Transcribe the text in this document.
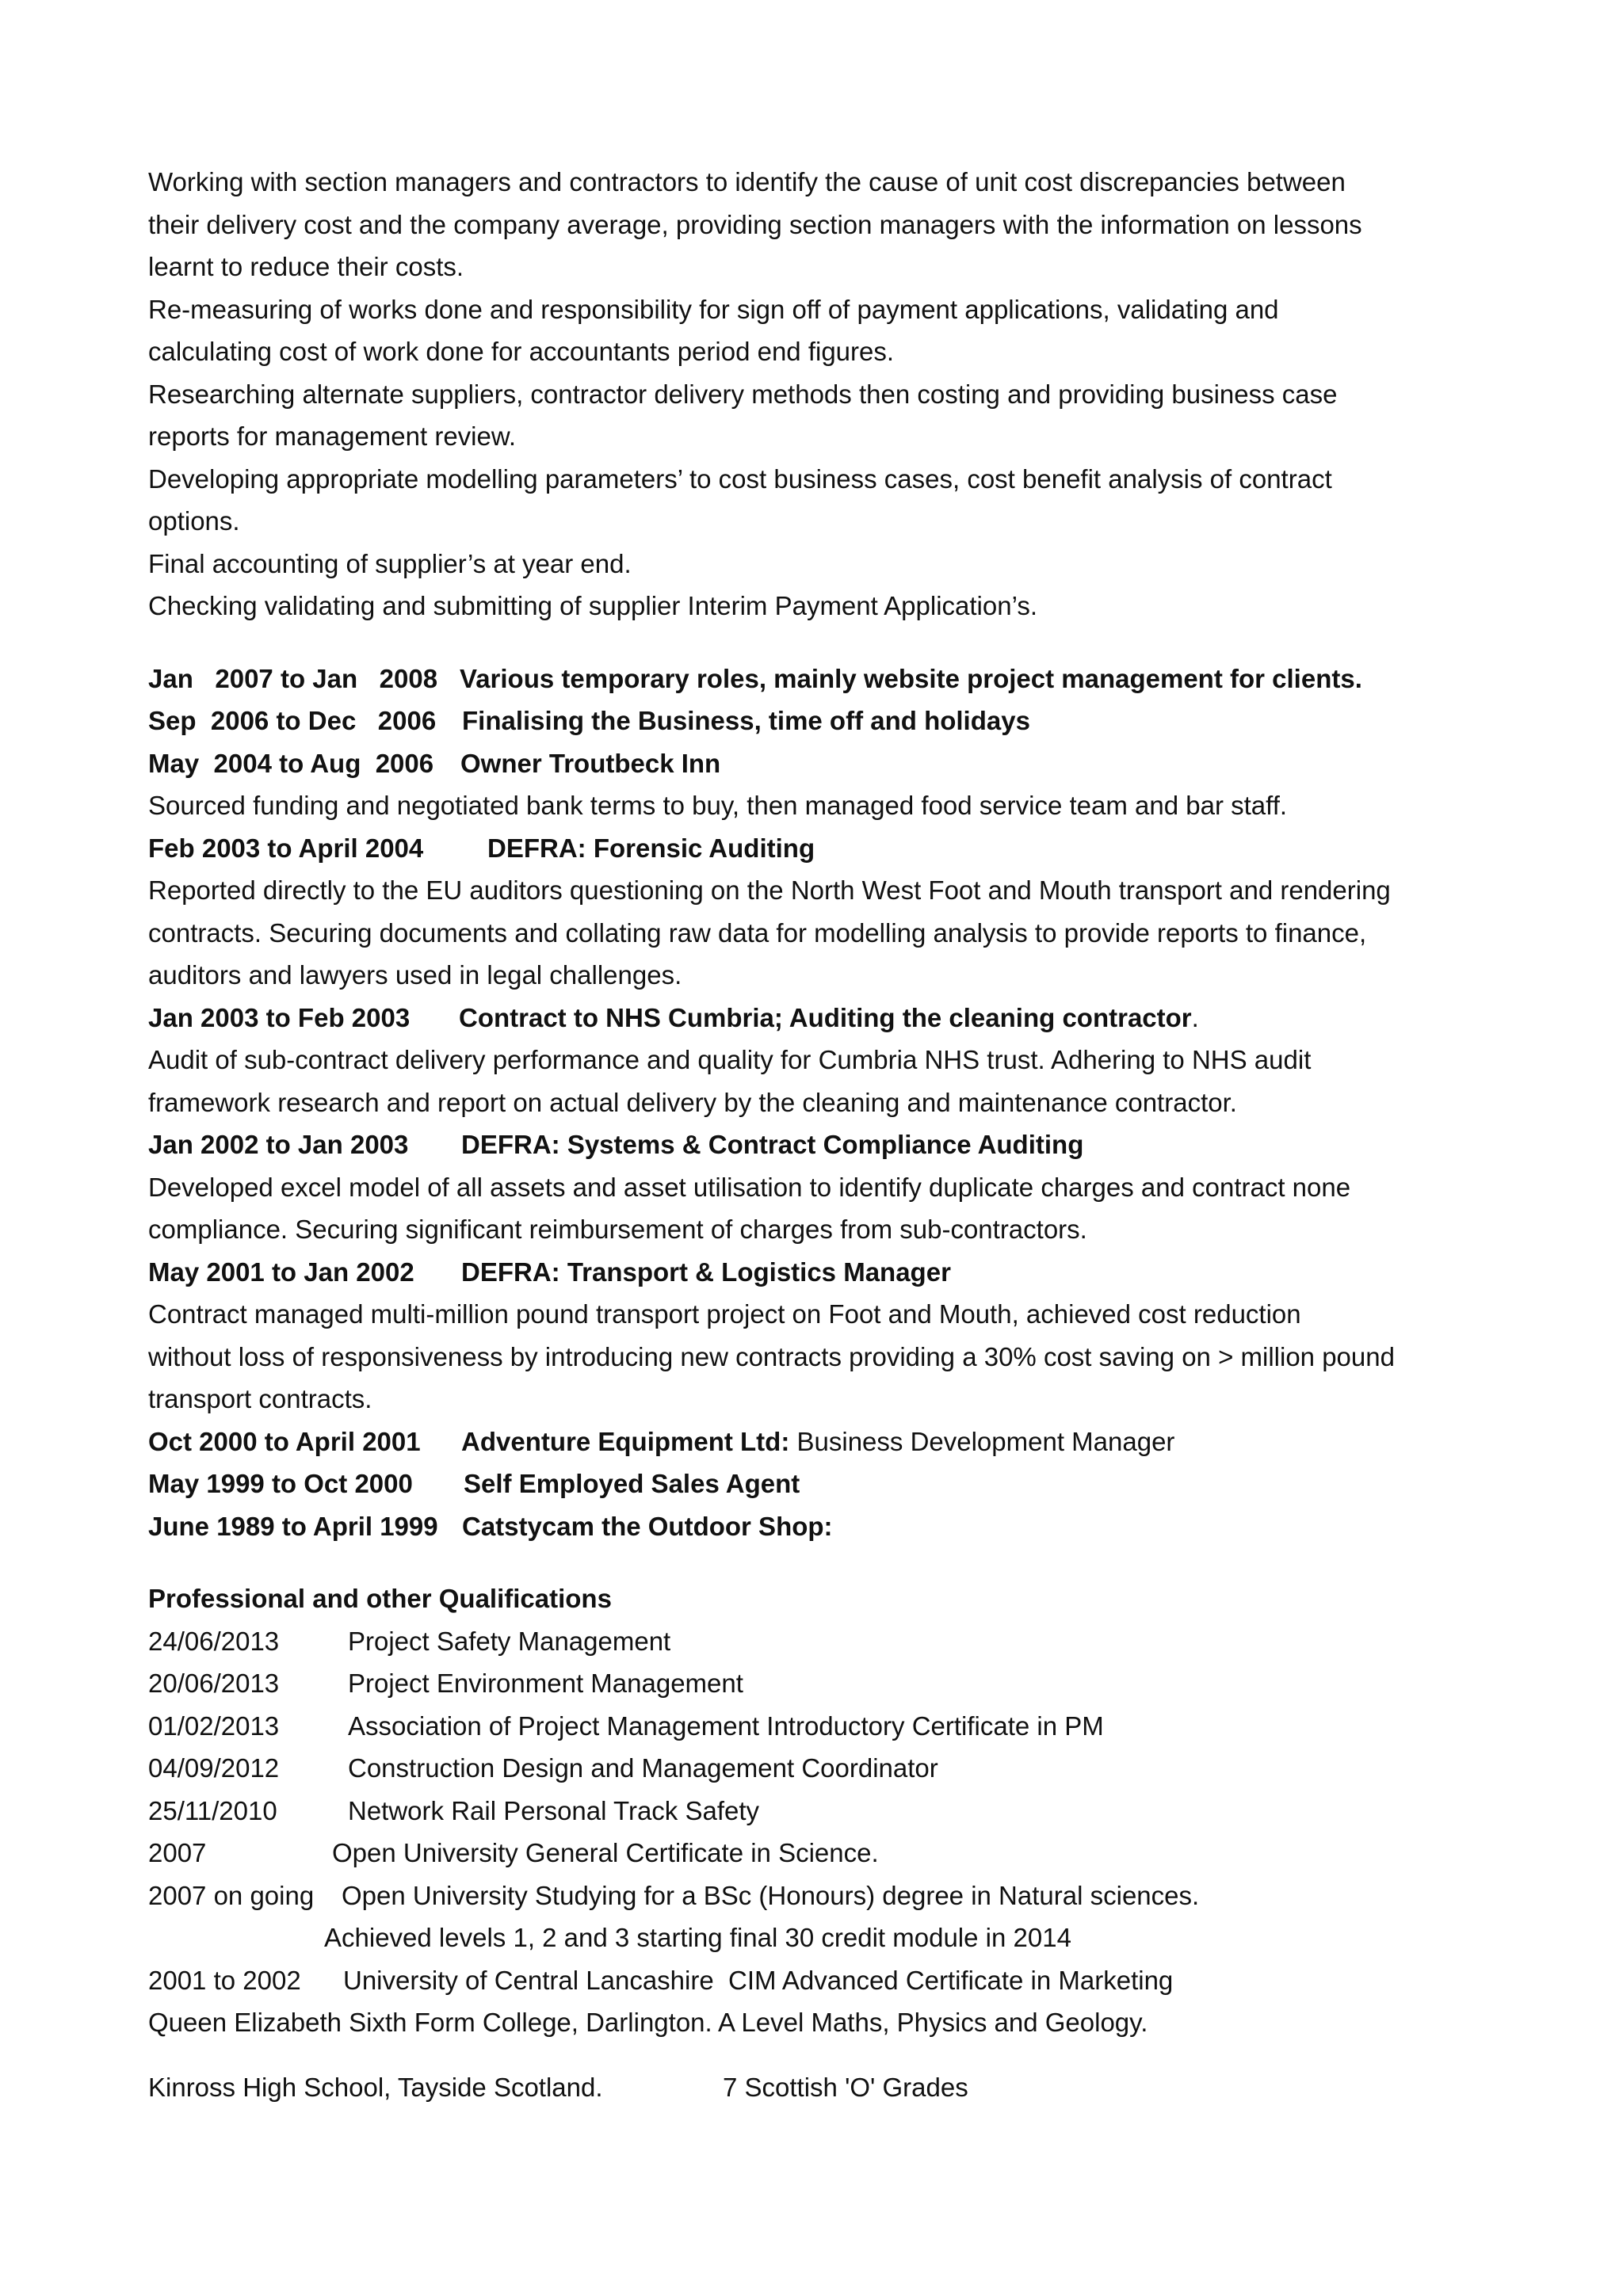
Working with section managers and contractors to identify the cause of unit cost discrepancies between
their delivery cost and the company average, providing section managers with the information on lessons
learnt to reduce their costs.
Re-measuring of works done and responsibility for sign off of payment applications, validating and
calculating cost of work done for accountants period end figures.
Researching alternate suppliers, contractor delivery methods then costing and providing business case
reports for management review.
Developing appropriate modelling parameters’ to cost business cases, cost benefit analysis of contract
options.
Final accounting of supplier’s at year end.
Checking validating and submitting of supplier Interim Payment Application’s.
Jan   2007 to Jan   2008 Various temporary roles, mainly website project management for clients.
Sep  2006 to Dec   2006 Finalising the Business, time off and holidays
May  2004 to Aug  2006 Owner Troutbeck Inn
Sourced funding and negotiated bank terms to buy, then managed food service team and bar staff.
Feb 2003 to April 2004 DEFRA: Forensic Auditing
Reported directly to the EU auditors questioning on the North West Foot and Mouth transport and rendering
contracts. Securing documents and collating raw data for modelling analysis to provide reports to finance,
auditors and lawyers used in legal challenges.
Jan 2003 to Feb 2003 Contract to NHS Cumbria; Auditing the cleaning contractor.
Audit of sub-contract delivery performance and quality for Cumbria NHS trust. Adhering to NHS audit
framework research and report on actual delivery by the cleaning and maintenance contractor.
Jan 2002 to Jan 2003 DEFRA: Systems & Contract Compliance Auditing
Developed excel model of all assets and asset utilisation to identify duplicate charges and contract none
compliance. Securing significant reimbursement of charges from sub-contractors.
May 2001 to Jan 2002 DEFRA: Transport & Logistics Manager
Contract managed multi-million pound transport project on Foot and Mouth, achieved cost reduction
without loss of responsiveness by introducing new contracts providing a 30% cost saving on > million pound
transport contracts.
Oct 2000 to April 2001 Adventure Equipment Ltd: Business Development Manager
May 1999 to Oct 2000 Self Employed Sales Agent
June 1989 to April 1999 Catstycam the Outdoor Shop:
Professional and other Qualifications
24/06/2013	Project Safety Management
20/06/2013	Project Environment Management
01/02/2013	Association of Project Management Introductory Certificate in PM
04/09/2012	Construction Design and Management Coordinator
25/11/2010	Network Rail Personal Track Safety
2007	Open University General Certificate in Science.
2007 on going Open University Studying for a BSc (Honours) degree in Natural sciences.
Achieved levels 1, 2 and 3 starting final 30 credit module in 2014
2001 to 2002 University of Central Lancashire  CIM Advanced Certificate in Marketing
Queen Elizabeth Sixth Form College, Darlington. A Level Maths, Physics and Geology.
Kinross High School, Tayside Scotland.	7 Scottish 'O' Grades
